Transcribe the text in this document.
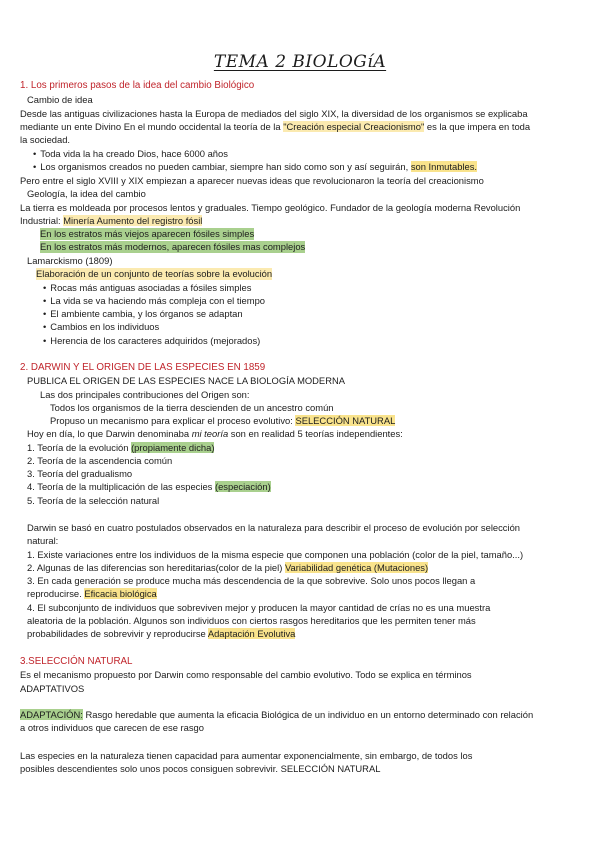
TEMA 2 BIOLOGíA
1. Los primeros pasos de la idea del cambio Biológico
Cambio de idea
Desde las antiguas civilizaciones hasta la Europa de mediados del siglo XIX, la diversidad de los organismos se explicaba
mediante un ente Divino En el mundo occidental la teoría de la "Creación especial Creacionismo" es la que impera en toda
la sociedad.
• Toda vida la ha creado Dios, hace 6000 años
• Los organismos creados no pueden cambiar, siempre han sido como son y así seguirán, son Inmutables.
Pero entre el siglo XVIII y XIX empiezan a aparecer nuevas ideas que revolucionaron la teoría del creacionismo
Geología, la idea del cambio
La tierra es moldeada por procesos lentos y graduales. Tiempo geológico. Fundador de la geología moderna Revolución
Industrial: Minería Aumento del registro fósil
En los estratos más viejos aparecen fósiles simples
En los estratos más modernos, aparecen fósiles mas complejos
Lamarckismo (1809)
Elaboración de un conjunto de teorías sobre la evolución
• Rocas más antiguas asociadas a fósiles simples
• La vida se va haciendo más compleja con el tiempo
• El ambiente cambia, y los órganos se adaptan
• Cambios en los individuos
• Herencia de los caracteres adquiridos (mejorados)
2. DARWIN Y EL ORIGEN DE LAS ESPECIES EN 1859
PUBLICA EL ORIGEN DE LAS ESPECIES NACE LA BIOLOGÍA MODERNA
Las dos principales contribuciones del Origen son:
Todos los organismos de la tierra descienden de un ancestro común
Propuso un mecanismo para explicar el proceso evolutivo: SELECCIÓN NATURAL
Hoy en día, lo que Darwin denominaba mi teoría son en realidad 5 teorías independientes:
1. Teoría de la evolución (propiamente dicha)
2. Teoría de la ascendencia común
3. Teoría del gradualismo
4. Teoría de la multiplicación de las especies (especiación)
5. Teoría de la selección natural
Darwin se basó en cuatro postulados observados en la naturaleza para describir el proceso de evolución por selección
natural:
1. Existe variaciones entre los individuos de la misma especie que componen una población (color de la piel, tamaño...)
2. Algunas de las diferencias son hereditarias(color de la piel) Variabilidad genética (Mutaciones)
3. En cada generación se produce mucha más descendencia de la que sobrevive. Solo unos pocos llegan a
reproducirse. Eficacia biológica
4. El subconjunto de individuos que sobreviven mejor y producen la mayor cantidad de crías no es una muestra
aleatoria de la población. Algunos son individuos con ciertos rasgos hereditarios que les permiten tener más
probabilidades de sobrevivir y reproducirse Adaptación Evolutiva
3.SELECCIÓN NATURAL
Es el mecanismo propuesto por Darwin como responsable del cambio evolutivo. Todo se explica en términos
ADAPTATIVOS
ADAPTACIÓN: Rasgo heredable que aumenta la eficacia Biológica de un individuo en un entorno determinado con relación
a otros individuos que carecen de ese rasgo
Las especies en la naturaleza tienen capacidad para aumentar exponencialmente, sin embargo, de todos los
posibles descendientes solo unos pocos consiguen sobrevivir. SELECCIÓN NATURAL
